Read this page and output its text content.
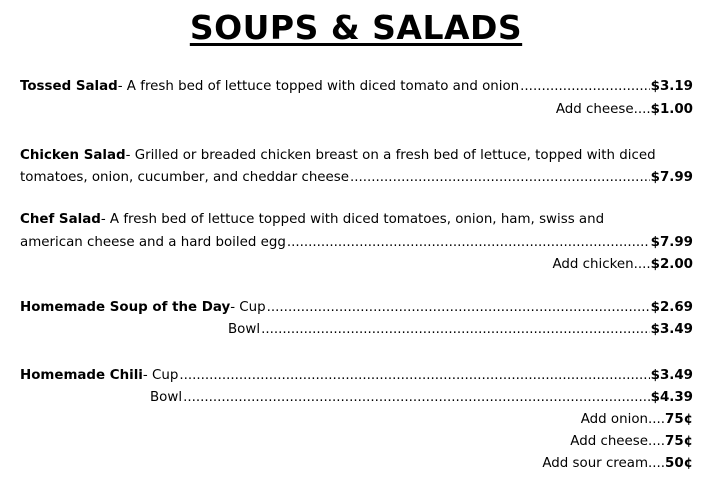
SOUPS & SALADS
Tossed Salad - A fresh bed of lettuce topped with diced tomato and onion .....	$3.19
Add cheese .... $1.00
Chicken Salad - Grilled or breaded chicken breast on a fresh bed of lettuce, topped with diced
tomatoes, onion, cucumber, and cheddar cheese .....	$7.99
Chef Salad - A fresh bed of lettuce topped with diced tomatoes, onion, ham, swiss and
american cheese and a hard boiled egg .....	$7.99
Add chicken .... $2.00
Homemade Soup of the Day - Cup .....	$2.69
Bowl .....	$3.49
Homemade Chili - Cup .....	$3.49
Bowl .....	$4.39
Add onion .... 75¢
Add cheese .... 75¢
Add sour cream .... 50¢
